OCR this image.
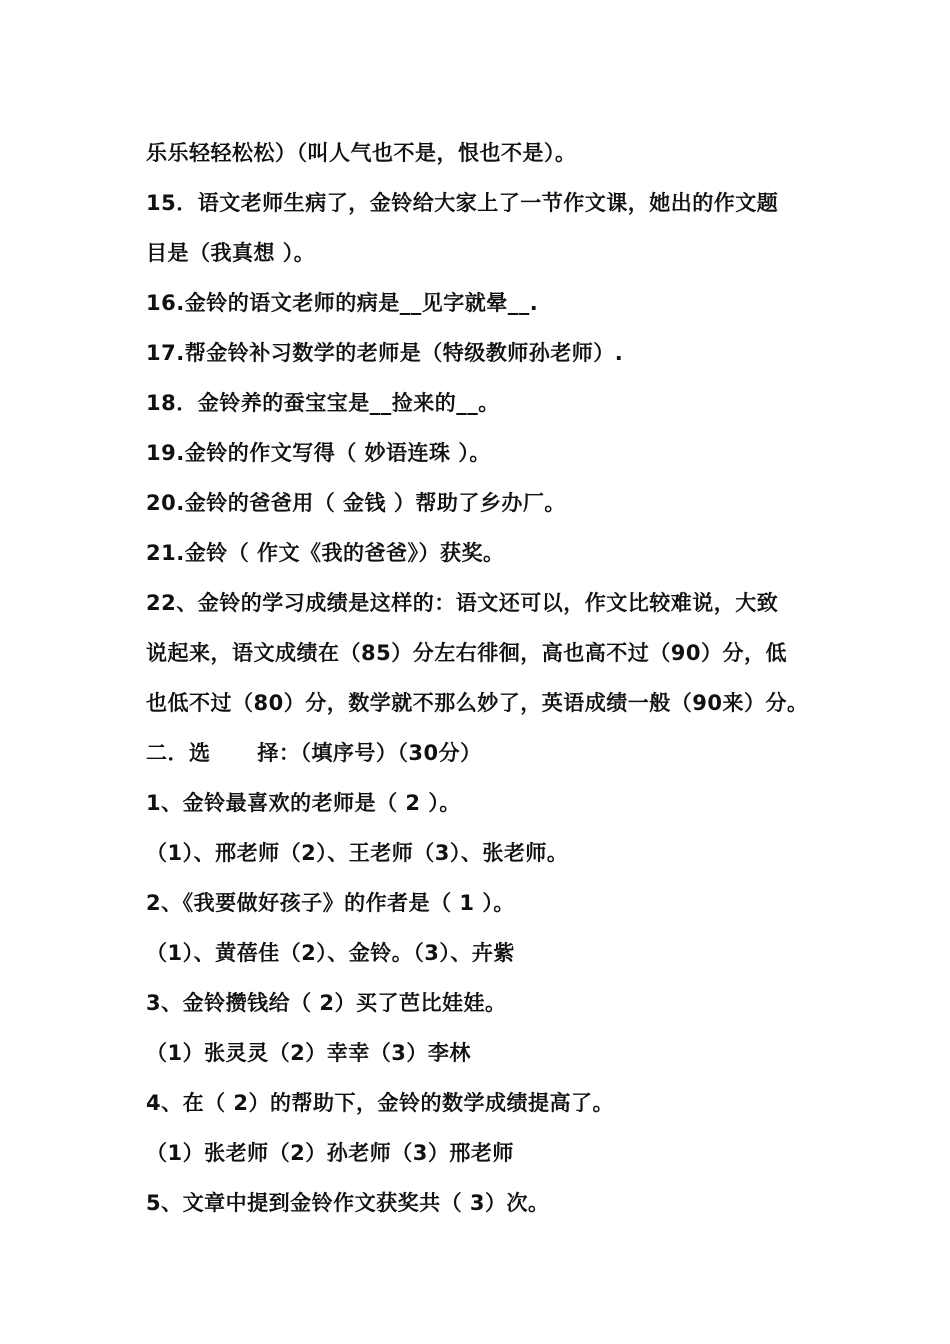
乐乐轻轻松松）（叫人气也不是，恨也不是）。
15．语文老师生病了，金铃给大家上了一节作文课，她出的作文题
目是（我真想 ）。
16.金铃的语文老师的病是__见字就晕__.
17.帮金铃补习数学的老师是（特级教师孙老师）.
18．金铃养的蚕宝宝是__捡来的__。
19.金铃的作文写得（ 妙语连珠 ）。
20.金铃的爸爸用（ 金钱 ）帮助了乡办厂。
21.金铃（ 作文《我的爸爸》）获奖。
22、金铃的学习成绩是这样的：语文还可以，作文比较难说，大致
说起来，语文成绩在（85）分左右徘徊，高也高不过（90）分，低
也低不过（80）分，数学就不那么妙了，英语成绩一般（90来）分。
二．选      择：（填序号）（30分）
1、金铃最喜欢的老师是（ 2 ）。
（1）、邢老师（2）、王老师（3）、张老师。
2、《我要做好孩子》的作者是（ 1 ）。
（1）、黄蓓佳（2）、金铃。（3）、卉紫
3、金铃攒钱给（ 2）买了芭比娃娃。
（1）张灵灵（2）幸幸（3）李林
4、在（ 2）的帮助下，金铃的数学成绩提高了。
（1）张老师（2）孙老师（3）邢老师
5、文章中提到金铃作文获奖共（ 3）次。
